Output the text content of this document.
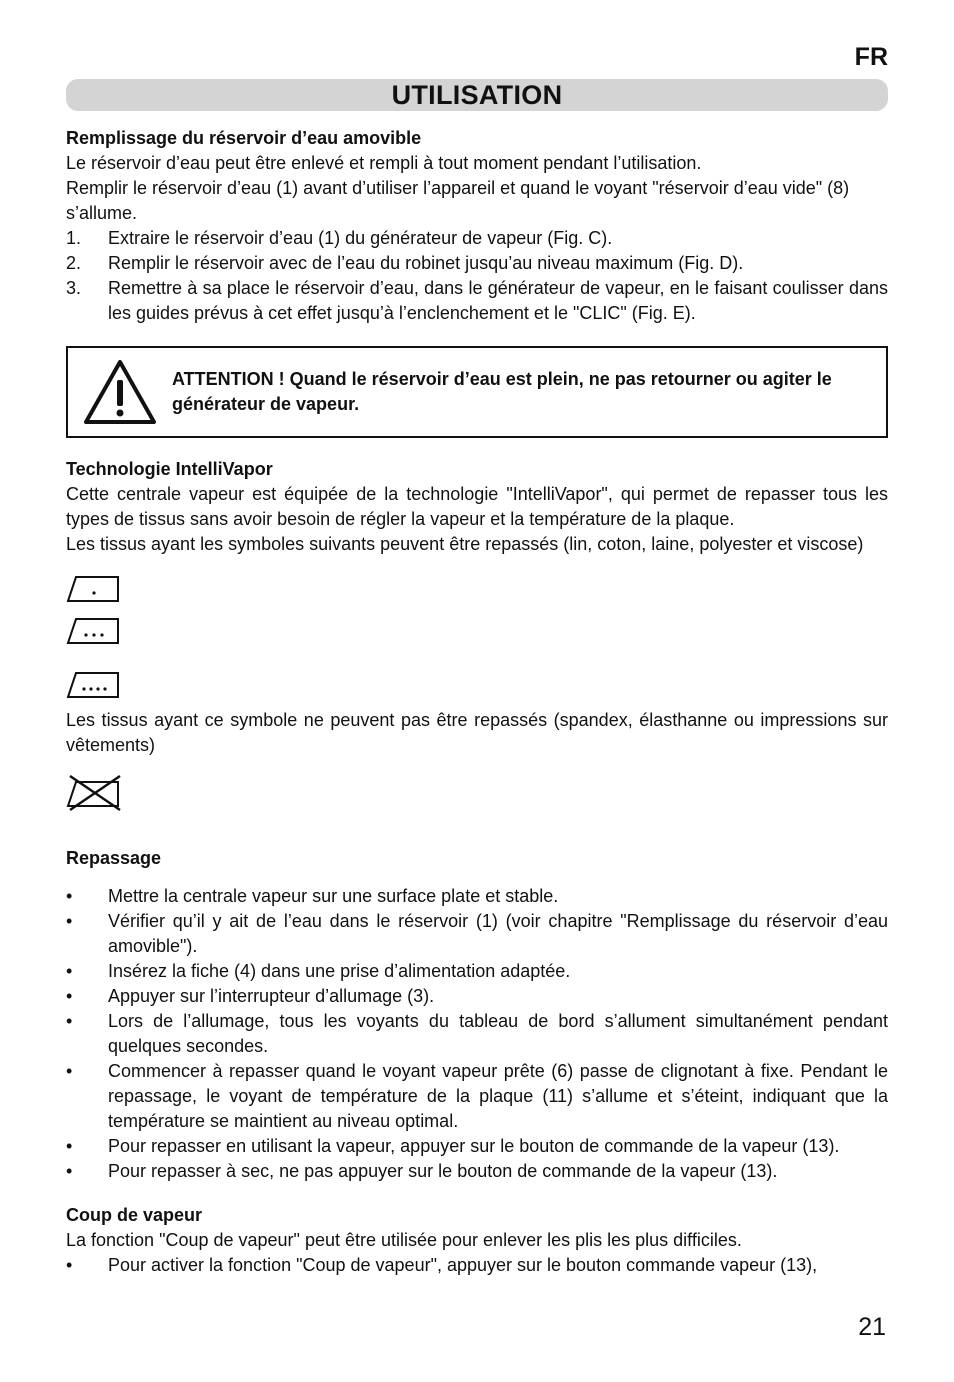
FR
UTILISATION

Remplissage du réservoir d’eau amovible

Le réservoir d’eau peut être enlevé et rempli à tout moment pendant l’utilisation.

Remplir le réservoir d’eau (1) avant d’utiliser l’appareil et quand le voyant "réservoir d’eau vide" (8) s’allume.

1.	Extraire le réservoir d’eau (1) du générateur de vapeur (Fig. C).
2.	Remplir le réservoir avec de l’eau du robinet jusqu’au niveau maximum (Fig. D).
3.	Remettre à sa place le réservoir d’eau, dans le générateur de vapeur, en le faisant coulisser dans les guides prévus à cet effet jusqu’à l’enclenchement et le "CLIC" (Fig. E).
ATTENTION ! Quand le réservoir d’eau est plein, ne pas retourner ou agiter le générateur de vapeur.

Technologie IntelliVapor

Cette centrale vapeur est équipée de la technologie "IntelliVapor", qui permet de repasser tous les types de tissus sans avoir besoin de régler la vapeur et la température de la plaque.

Les tissus ayant les symboles suivants peuvent être repassés (lin, coton, laine, polyester et viscose)

Les tissus ayant ce symbole ne peuvent pas être repassés (spandex, élasthanne ou impressions sur vêtements)

Repassage

•	Mettre la centrale vapeur sur une surface plate et stable.
•	Vérifier qu’il y ait de l’eau dans le réservoir (1) (voir chapitre "Remplissage du réservoir d’eau amovible").
•	Insérez la fiche (4) dans une prise d’alimentation adaptée.
•	Appuyer sur l’interrupteur d’allumage (3).
•	Lors de l’allumage, tous les voyants du tableau de bord s’allument simultanément pendant quelques secondes.
•	Commencer à repasser quand le voyant vapeur prête (6) passe de clignotant à fixe. Pendant le repassage, le voyant de température de la plaque (11) s’allume et s’éteint, indiquant que la température se maintient au niveau optimal.
•	Pour repasser en utilisant la vapeur, appuyer sur le bouton de commande de la vapeur (13).
•	Pour repasser à sec, ne pas appuyer sur le bouton de commande de la vapeur (13).

Coup de vapeur

La fonction "Coup de vapeur" peut être utilisée pour enlever les plis les plus difficiles.

•	Pour activer la fonction "Coup de vapeur", appuyer sur le bouton commande vapeur (13),
21
